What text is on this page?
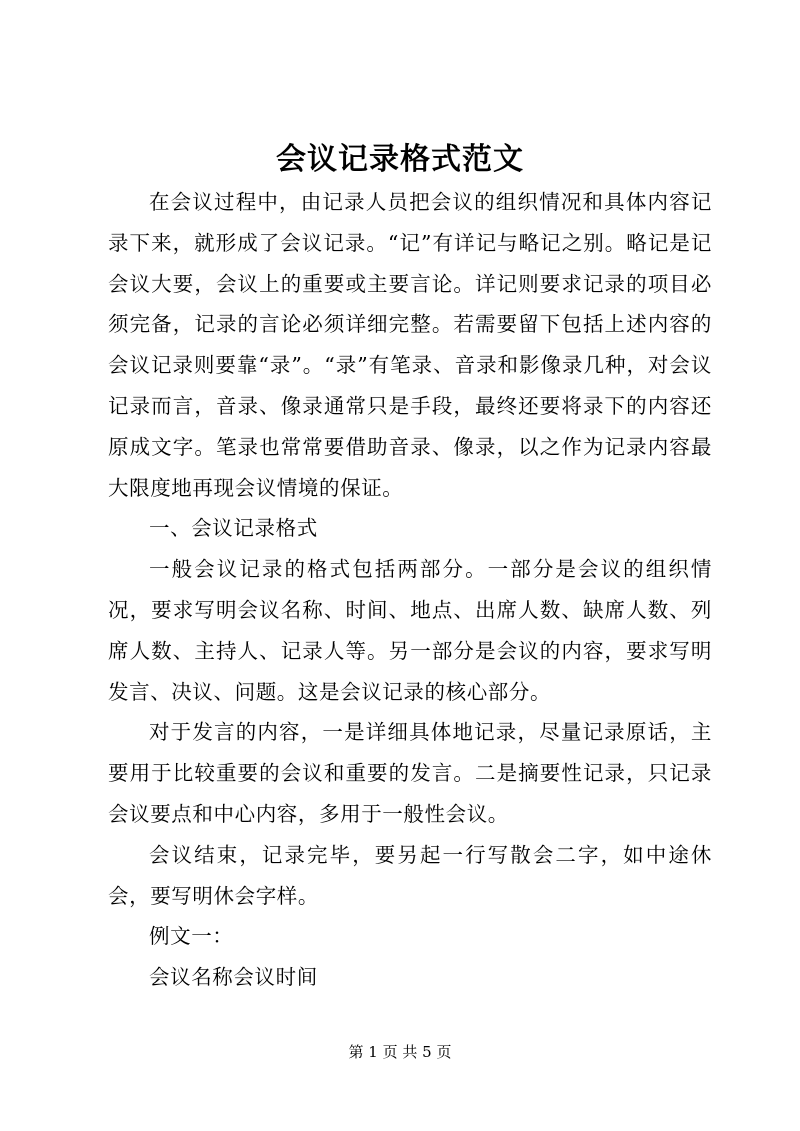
会议记录格式范文

在会议过程中，由记录人员把会议的组织情况和具体内容记录下来，就形成了会议记录。“记”有详记与略记之别。略记是记会议大要，会议上的重要或主要言论。详记则要求记录的项目必须完备，记录的言论必须详细完整。若需要留下包括上述内容的会议记录则要靠“录”。“录”有笔录、音录和影像录几种，对会议记录而言，音录、像录通常只是手段，最终还要将录下的内容还原成文字。笔录也常常要借助音录、像录，以之作为记录内容最大限度地再现会议情境的保证。

一、会议记录格式

一般会议记录的格式包括两部分。一部分是会议的组织情况，要求写明会议名称、时间、地点、出席人数、缺席人数、列席人数、主持人、记录人等。另一部分是会议的内容，要求写明发言、决议、问题。这是会议记录的核心部分。

对于发言的内容，一是详细具体地记录，尽量记录原话，主要用于比较重要的会议和重要的发言。二是摘要性记录，只记录会议要点和中心内容，多用于一般性会议。

会议结束，记录完毕，要另起一行写散会二字，如中途休会，要写明休会字样。

例文一：

会议名称会议时间

第 1 页 共 5 页
